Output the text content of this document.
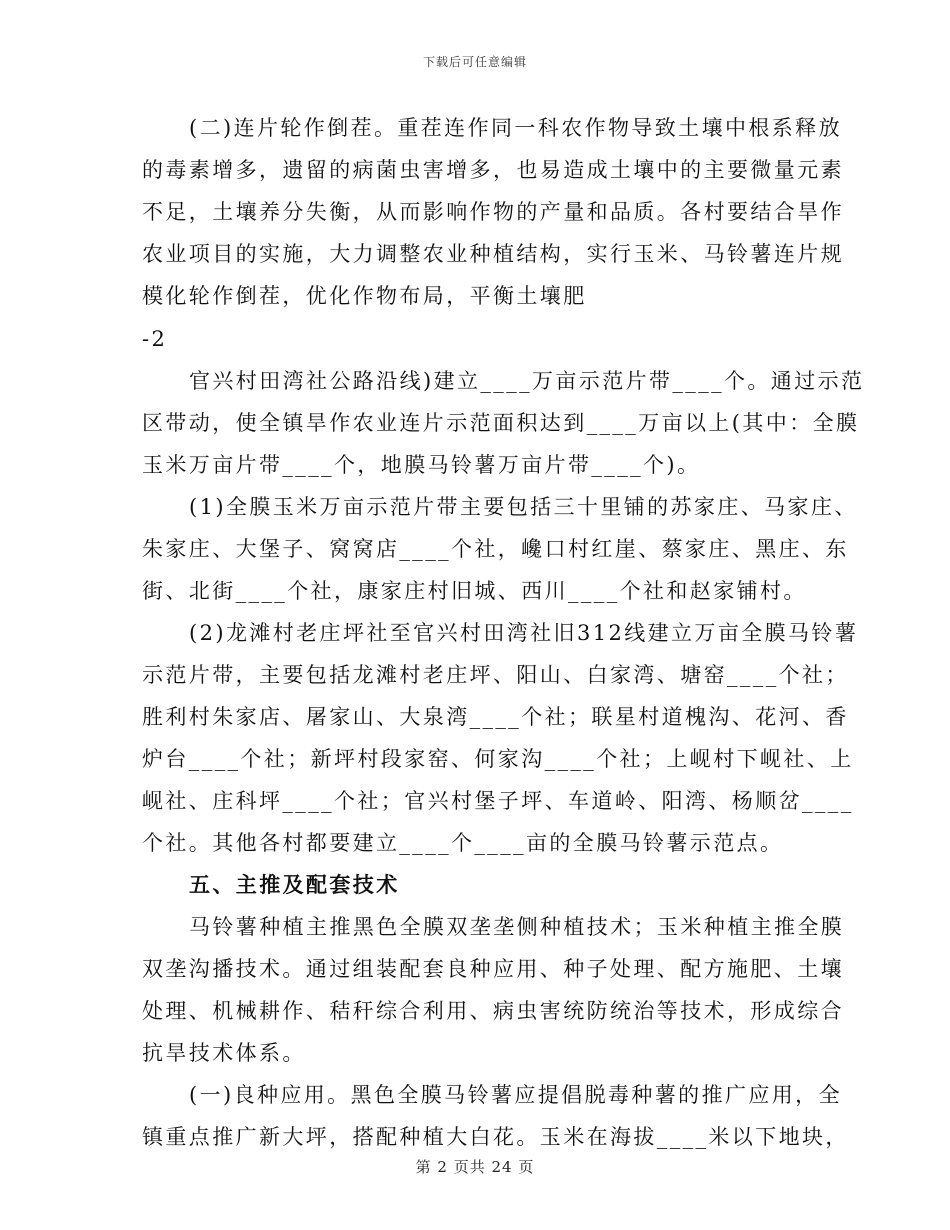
下载后可任意编辑
(二)连片轮作倒茬。重茬连作同一科农作物导致土壤中根系释放
的毒素增多，遗留的病菌虫害增多，也易造成土壤中的主要微量元素
不足，土壤养分失衡，从而影响作物的产量和品质。各村要结合旱作
农业项目的实施，大力调整农业种植结构，实行玉米、马铃薯连片规
模化轮作倒茬，优化作物布局，平衡土壤肥
-2
官兴村田湾社公路沿线)建立____万亩示范片带____个。通过示范
区带动，使全镇旱作农业连片示范面积达到____万亩以上(其中：全膜
玉米万亩片带____个，地膜马铃薯万亩片带____个)。
(1)全膜玉米万亩示范片带主要包括三十里铺的苏家庄、马家庄、
朱家庄、大堡子、窝窝店____个社，巉口村红崖、蔡家庄、黑庄、东
街、北街____个社，康家庄村旧城、西川____个社和赵家铺村。
(2)龙滩村老庄坪社至官兴村田湾社旧312线建立万亩全膜马铃薯
示范片带，主要包括龙滩村老庄坪、阳山、白家湾、塘窑____个社；
胜利村朱家店、屠家山、大泉湾____个社；联星村道槐沟、花河、香
炉台____个社；新坪村段家窑、何家沟____个社；上岘村下岘社、上
岘社、庄科坪____个社；官兴村堡子坪、车道岭、阳湾、杨顺岔____
个社。其他各村都要建立____个____亩的全膜马铃薯示范点。
五、主推及配套技术
马铃薯种植主推黑色全膜双垄垄侧种植技术；玉米种植主推全膜
双垄沟播技术。通过组装配套良种应用、种子处理、配方施肥、土壤
处理、机械耕作、秸秆综合利用、病虫害统防统治等技术，形成综合
抗旱技术体系。
(一)良种应用。黑色全膜马铃薯应提倡脱毒种薯的推广应用，全
镇重点推广新大坪，搭配种植大白花。玉米在海拔____米以下地块，
第 2 页共 24 页
